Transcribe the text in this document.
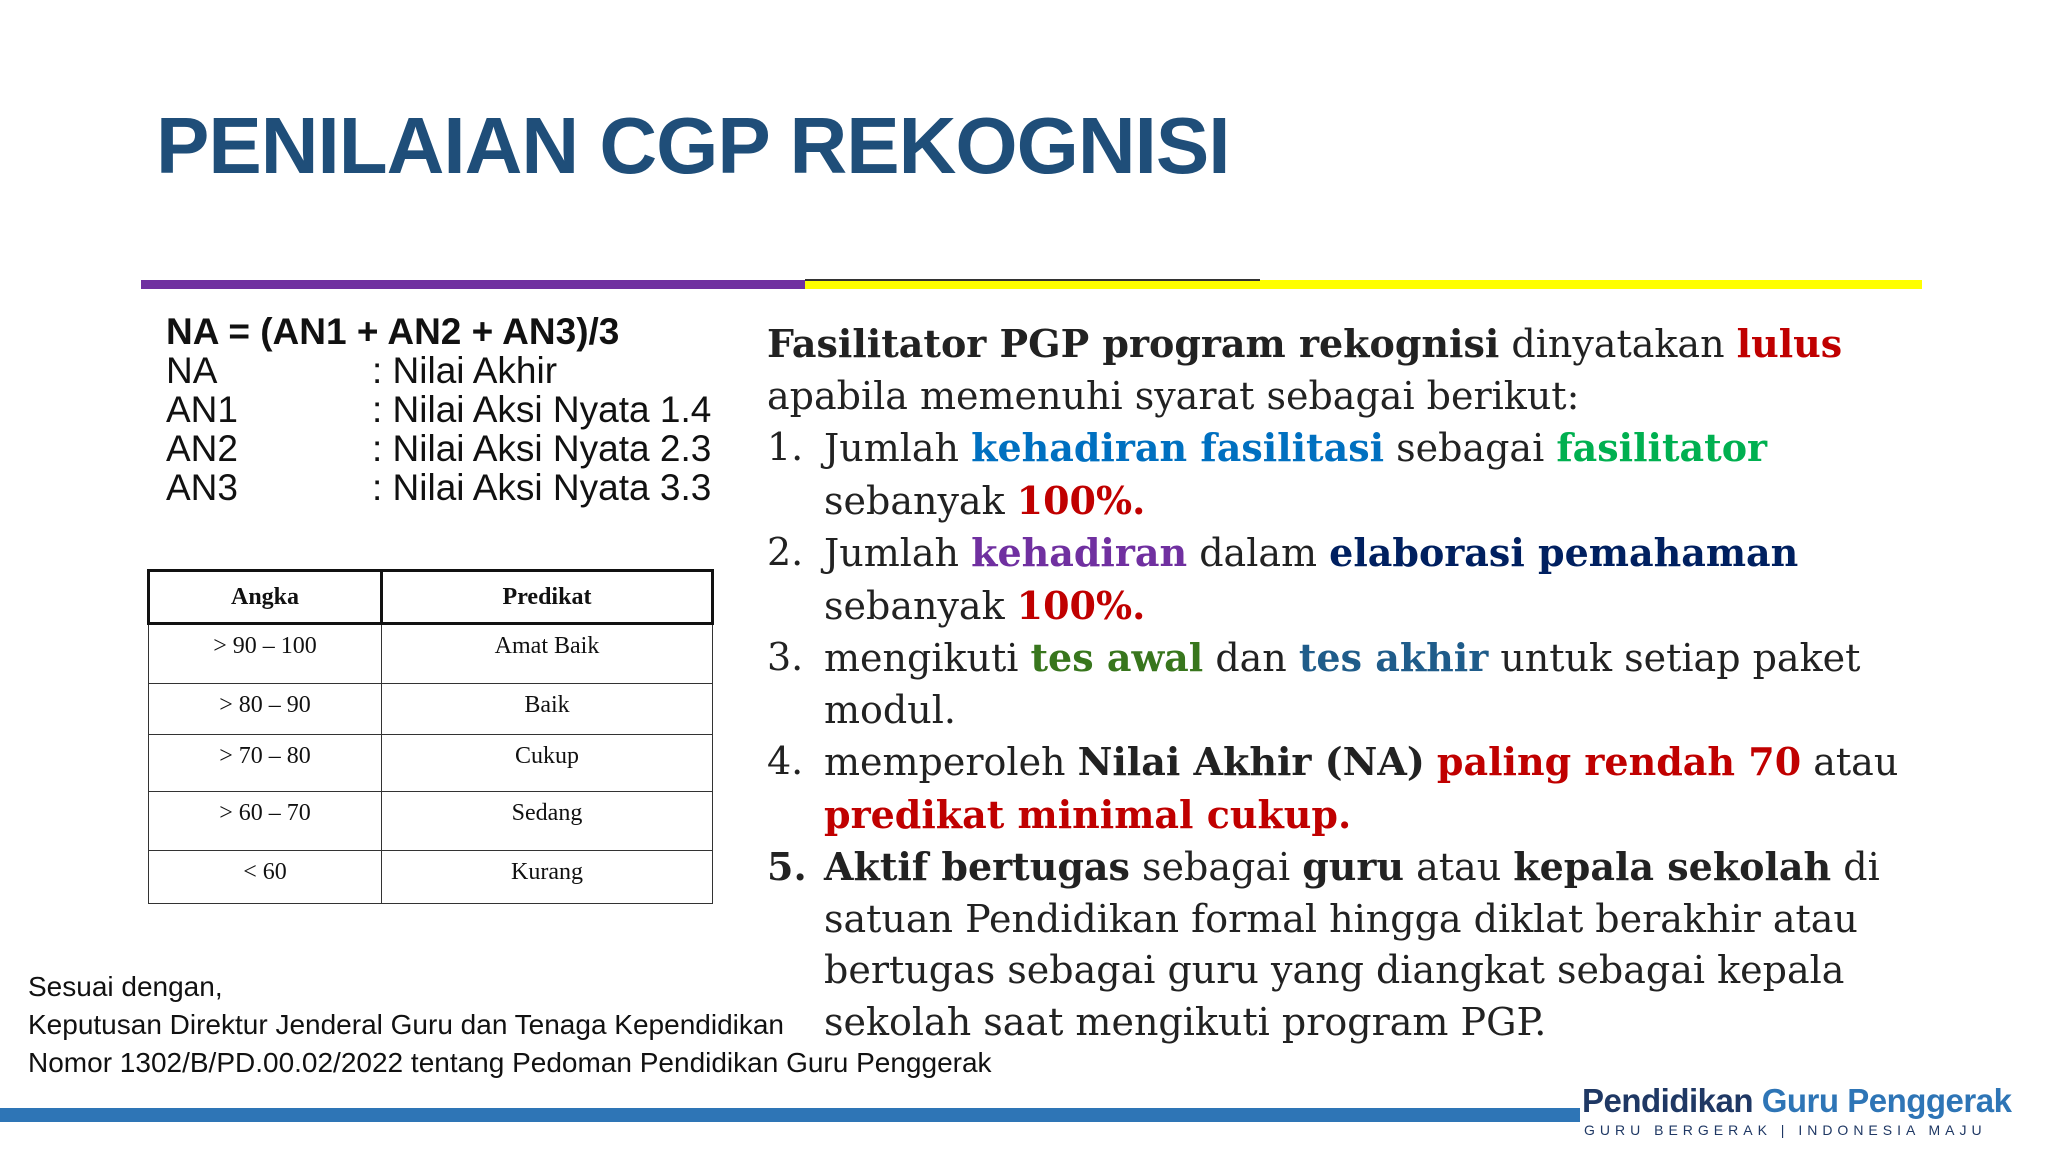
PENILAIAN CGP REKOGNISI
NA = (AN1 + AN2 + AN3)/3
NA	: Nilai Akhir
AN1	: Nilai Aksi Nyata 1.4
AN2	: Nilai Aksi Nyata 2.3
AN3	: Nilai Aksi Nyata 3.3
Angka	Predikat
> 90 – 100	Amat Baik
> 80 – 90	Baik
> 70 – 80	Cukup
> 60 – 70	Sedang
< 60	Kurang

Fasilitator PGP program rekognisi dinyatakan lulus apabila memenuhi syarat sebagai berikut:

1. Jumlah kehadiran fasilitasi sebagai fasilitator sebanyak 100%.
2. Jumlah kehadiran dalam elaborasi pemahaman sebanyak 100%.
3. mengikuti tes awal dan tes akhir untuk setiap paket modul.
4. memperoleh Nilai Akhir (NA) paling rendah 70 atau predikat minimal cukup.
5. Aktif bertugas sebagai guru atau kepala sekolah di satuan Pendidikan formal hingga diklat berakhir atau bertugas sebagai guru yang diangkat sebagai kepala sekolah saat mengikuti program PGP.
Sesuai dengan,
Keputusan Direktur Jenderal Guru dan Tenaga Kependidikan
Nomor 1302/B/PD.00.02/2022 tentang Pedoman Pendidikan Guru Penggerak
Pendidikan Guru Penggerak
GURU BERGERAK | INDONESIA MAJU
